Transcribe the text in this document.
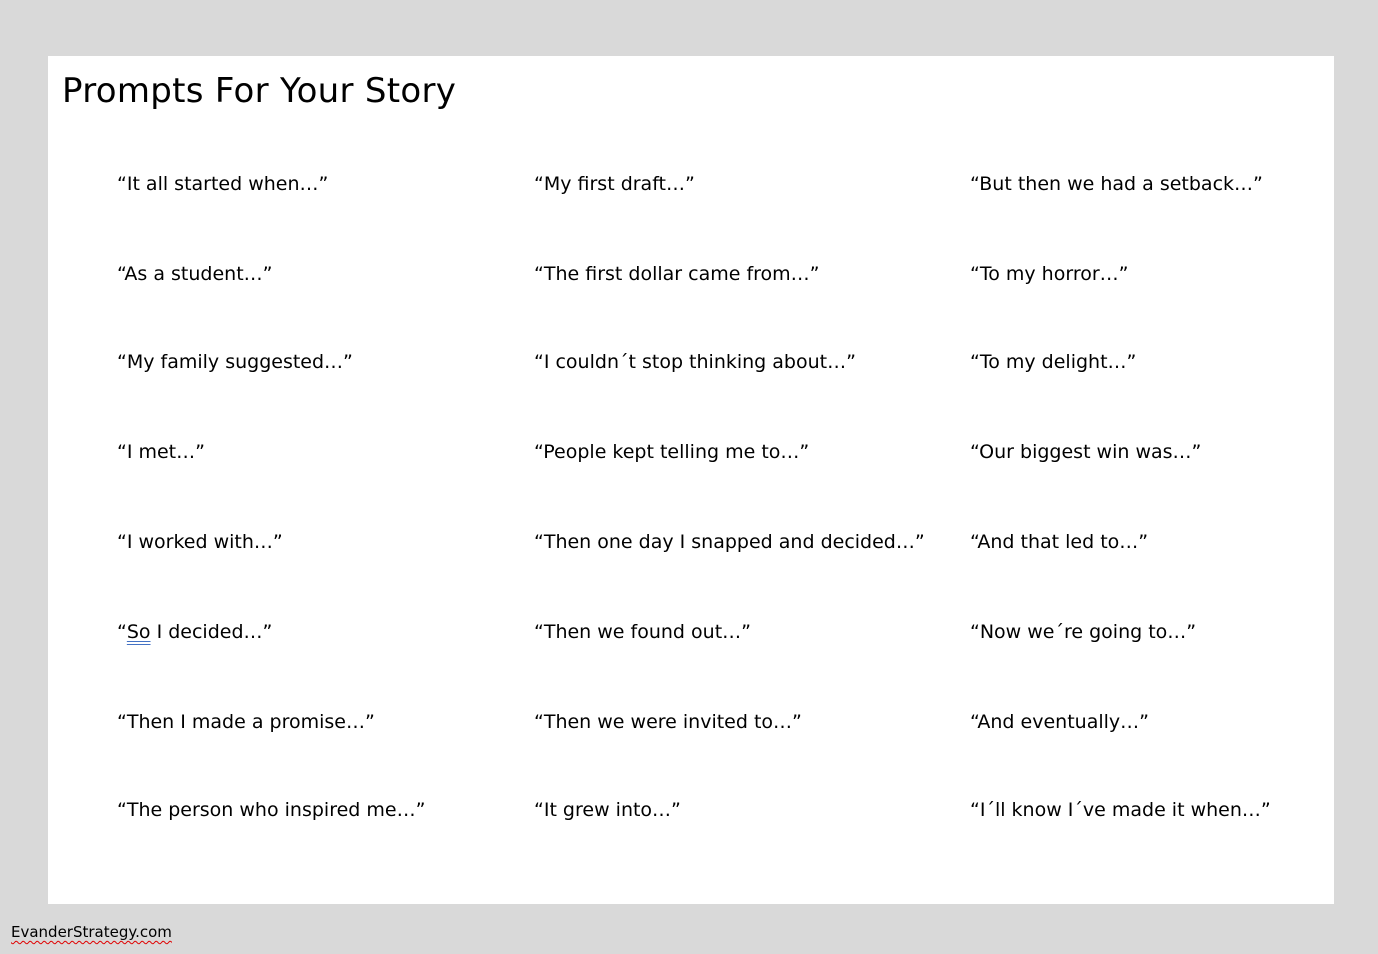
Prompts For Your Story
“It all started when…”
“As a student…”
“My family suggested…”
“I met…”
“I worked with…”
“So I decided…”
“Then I made a promise…”
“The person who inspired me…”
“My first draft…”
“The first dollar came from…”
“I couldn´t stop thinking about…”
“People kept telling me to…”
“Then one day I snapped and decided…”
“Then we found out…”
“Then we were invited to…”
“It grew into…”
“But then we had a setback…”
“To my horror…”
“To my delight…”
“Our biggest win was…”
“And that led to…”
“Now we´re going to…”
“And eventually…”
“I´ll know I´ve made it when…”
EvanderStrategy.com
